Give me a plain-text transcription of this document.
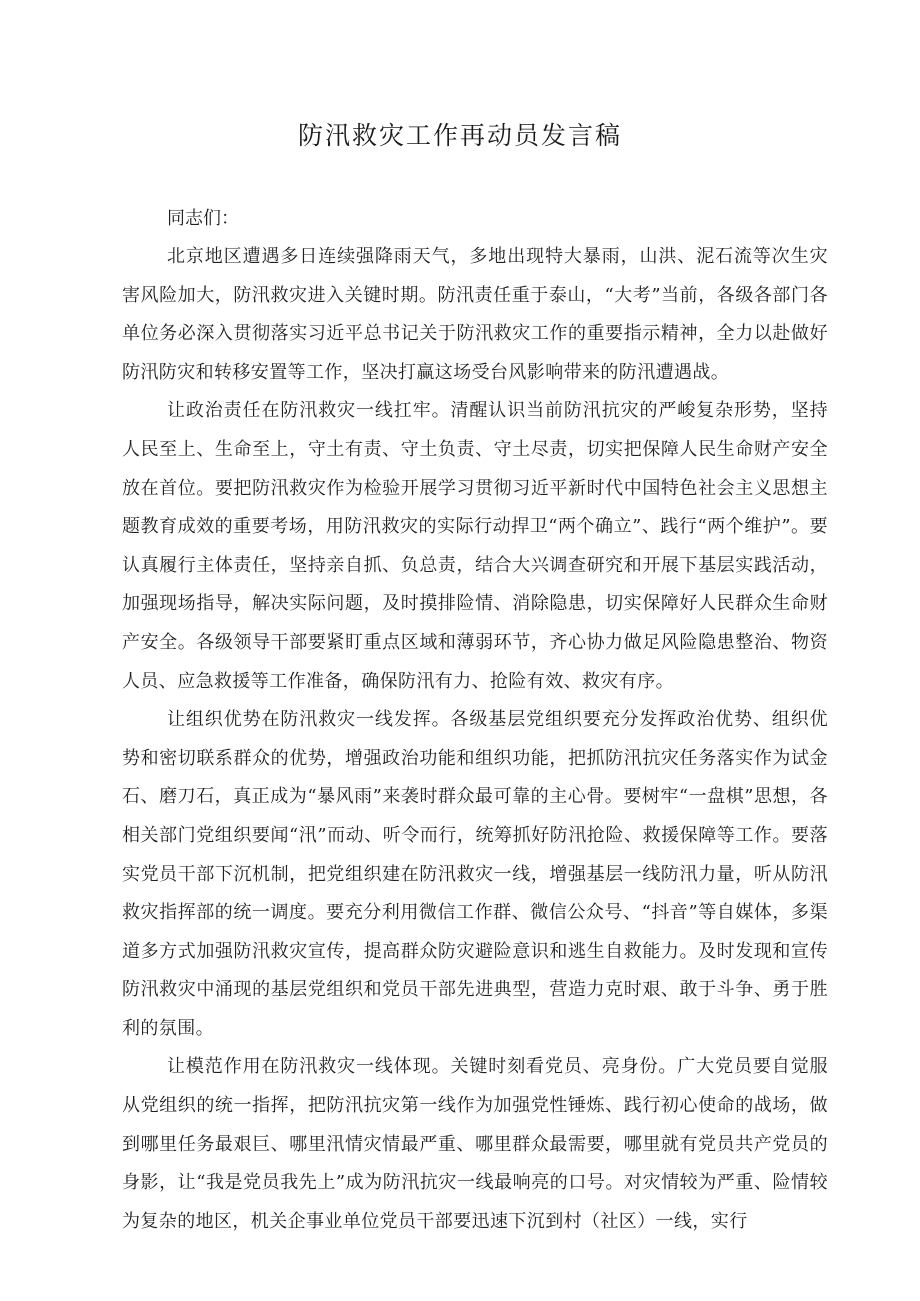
防汛救灾工作再动员发言稿

同志们：

北京地区遭遇多日连续强降雨天气，多地出现特大暴雨，山洪、泥石流等次生灾害风险加大，防汛救灾进入关键时期。防汛责任重于泰山，“大考”当前，各级各部门各单位务必深入贯彻落实习近平总书记关于防汛救灾工作的重要指示精神，全力以赴做好防汛防灾和转移安置等工作，坚决打赢这场受台风影响带来的防汛遭遇战。

让政治责任在防汛救灾一线扛牢。清醒认识当前防汛抗灾的严峻复杂形势，坚持人民至上、生命至上，守土有责、守土负责、守土尽责，切实把保障人民生命财产安全放在首位。要把防汛救灾作为检验开展学习贯彻习近平新时代中国特色社会主义思想主题教育成效的重要考场，用防汛救灾的实际行动捍卫“两个确立”、践行“两个维护”。要认真履行主体责任，坚持亲自抓、负总责，结合大兴调查研究和开展下基层实践活动，加强现场指导，解决实际问题，及时摸排险情、消除隐患，切实保障好人民群众生命财产安全。各级领导干部要紧盯重点区域和薄弱环节，齐心协力做足风险隐患整治、物资人员、应急救援等工作准备，确保防汛有力、抢险有效、救灾有序。

让组织优势在防汛救灾一线发挥。各级基层党组织要充分发挥政治优势、组织优势和密切联系群众的优势，增强政治功能和组织功能，把抓防汛抗灾任务落实作为试金石、磨刀石，真正成为“暴风雨”来袭时群众最可靠的主心骨。要树牢“一盘棋”思想，各相关部门党组织要闻“汛”而动、听令而行，统筹抓好防汛抢险、救援保障等工作。要落实党员干部下沉机制，把党组织建在防汛救灾一线，增强基层一线防汛力量，听从防汛救灾指挥部的统一调度。要充分利用微信工作群、微信公众号、“抖音”等自媒体，多渠道多方式加强防汛救灾宣传，提高群众防灾避险意识和逃生自救能力。及时发现和宣传防汛救灾中涌现的基层党组织和党员干部先进典型，营造力克时艰、敢于斗争、勇于胜利的氛围。

让模范作用在防汛救灾一线体现。关键时刻看党员、亮身份。广大党员要自觉服从党组织的统一指挥，把防汛抗灾第一线作为加强党性锤炼、践行初心使命的战场，做到哪里任务最艰巨、哪里汛情灾情最严重、哪里群众最需要，哪里就有党员共产党员的身影，让“我是党员我先上”成为防汛抗灾一线最响亮的口号。对灾情较为严重、险情较为复杂的地区，机关企事业单位党员干部要迅速下沉到村（社区）一线，实行
